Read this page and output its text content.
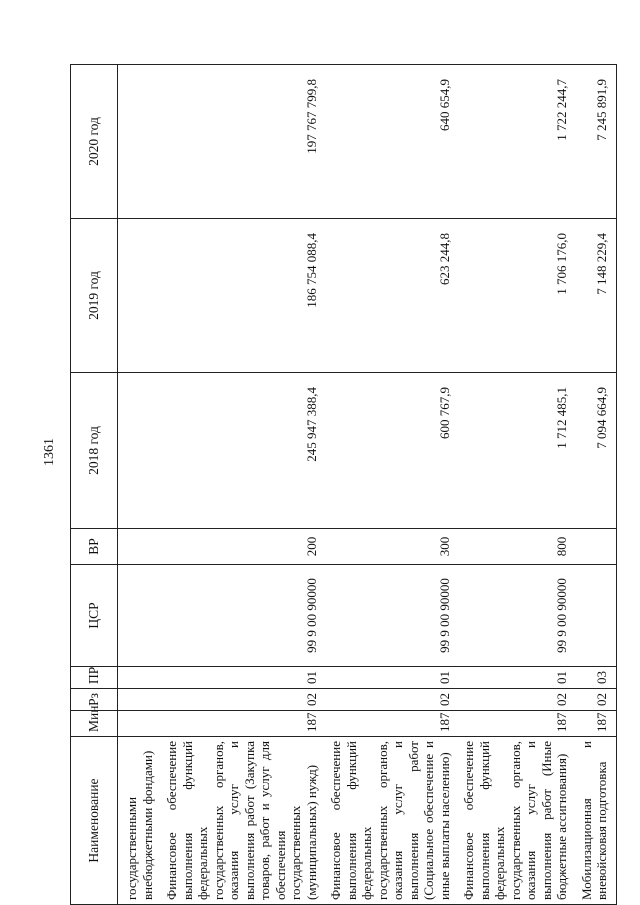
1361
Наименование	Мин	Рз	ПР	ЦСР	ВР	2018 год	2019 год	2020 год
государственными внебюджетными фондами)								
Финансовое обеспечение выполнения функций федеральных государственных органов, оказания услуг и выполнения работ (Закупка товаров, работ и услуг для обеспечения государственных (муниципальных) нужд)	187	02	01	99 9 00 90000	200	245 947 388,4	186 754 088,4	197 767 799,8
Финансовое обеспечение выполнения функций федеральных государственных органов, оказания услуг и выполнения работ (Социальное обеспечение и иные выплаты населению)	187	02	01	99 9 00 90000	300	600 767,9	623 244,8	640 654,9
Финансовое обеспечение выполнения функций федеральных государственных органов, оказания услуг и выполнения работ (Иные бюджетные ассигнования)	187	02	01	99 9 00 90000	800	1 712 485,1	1 706 176,0	1 722 244,7
Мобилизационная и вневойсковая подготовка	187	02	03			7 094 664,9	7 148 229,4	7 245 891,9
